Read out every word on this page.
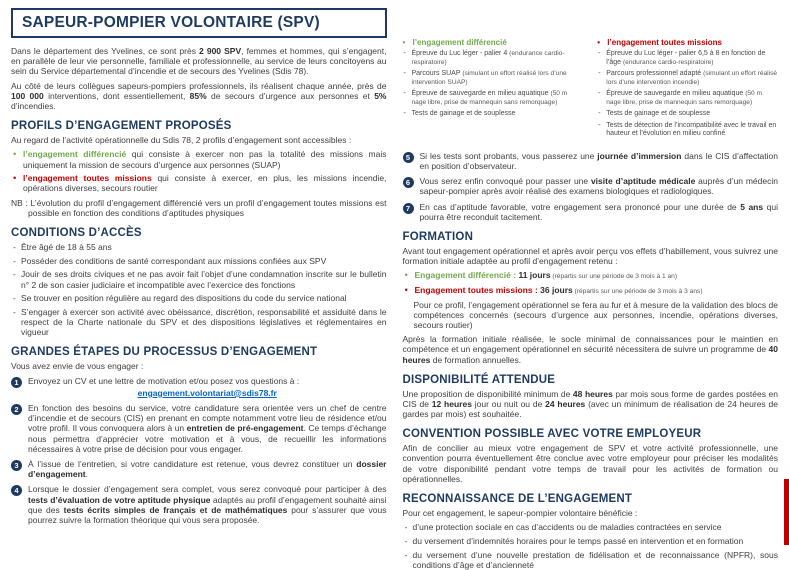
SAPEUR-POMPIER VOLONTAIRE (SPV)

Dans le département des Yvelines, ce sont près 2 900 SPV, femmes et hommes, qui s’engagent, en parallèle de leur vie personnelle, familiale et professionnelle, au service de leurs concitoyens au sein du Service départemental d’incendie et de secours des Yvelines (Sdis 78).

Au côté de leurs collègues sapeurs-pompiers professionnels, ils réalisent chaque année, près de 100 000 interventions, dont essentiellement, 85% de secours d’urgence aux personnes et 5% d’incendies.

PROFILS D’ENGAGEMENT PROPOSÉS

Au regard de l’activité opérationnelle du Sdis 78, 2 profils d’engagement sont accessibles :

• l’engagement différencié qui consiste à exercer non pas la totalité des missions mais uniquement la mission de secours d’urgence aux personnes (SUAP)
• l’engagement toutes missions qui consiste à exercer, en plus, les missions incendie, opérations diverses, secours routier

NB : L’évolution du profil d’engagement différencié vers un profil d’engagement toutes missions est possible en fonction des conditions d’aptitudes physiques

CONDITIONS D’ACCÈS
- Être âgé de 18 à 55 ans
- Posséder des conditions de santé correspondant aux missions confiées aux SPV
- Jouir de ses droits civiques et ne pas avoir fait l’objet d’une condamnation inscrite sur le bulletin n° 2 de son casier judiciaire et incompatible avec l’exercice des fonctions
- Se trouver en position régulière au regard des dispositions du code du service national
- S’engager à exercer son activité avec obéissance, discrétion, responsabilité et assiduité dans le respect de la Charte nationale du SPV et des dispositions législatives et réglementaires en vigueur
GRANDES ÉTAPES DU PROCESSUS D’ENGAGEMENT

Vous avez envie de vous engager :

1	Envoyez un CV et une lettre de motivation et/ou posez vos questions à :
engagement.volontariat@sdis78.fr
2	En fonction des besoins du service, votre candidature sera orientée vers un chef de centre d’incendie et de secours (CIS) en prenant en compte notamment votre lieu de résidence et/ou votre profil. Il vous convoquera alors à un entretien de pré-engagement. Ce temps d’échange nous permettra d’apprécier votre motivation et à vous, de recueillir les informations nécessaires à votre prise de décision pour vous engager.
3	À l’issue de l’entretien, si votre candidature est retenue, vous devrez constituer un dossier d’engagement.
4	Lorsque le dossier d’engagement sera complet, vous serez convoqué pour participer à des tests d’évaluation de votre aptitude physique adaptés au profil d’engagement souhaité ainsi que des tests écrits simples de français et de mathématiques pour s’assurer que vous pourrez suivre la formation théorique qui vous sera proposée.
• l’engagement différencié
- Épreuve du Luc léger - palier 4 (endurance cardio-respiratoire)
- Parcours SUAP (simulant un effort réalisé lors d’une intervention SUAP)
- Épreuve de sauvegarde en milieu aquatique (50 m nage libre, prise de mannequin sans remorquage)
- Tests de gainage et de souplesse
• l’engagement toutes missions
- Épreuve du Luc léger - palier 6,5 à 8 en fonction de l’âge (endurance cardio-respiratoire)
- Parcours professionnel adapté (simulant un effort réalisé lors d’une intervention incendie)
- Épreuve de sauvegarde en milieu aquatique (50 m nage libre, prise de mannequin sans remorquage)
- Tests de gainage et de souplesse
- Tests de détection de l’incompatibilité avec le travail en hauteur et l’évolution en milieu confiné
5	Si les tests sont probants, vous passerez une journée d’immersion dans le CIS d’affectation en position d’observateur.
6	Vous serez enfin convoqué pour passer une visite d’aptitude médicale auprès d’un médecin sapeur-pompier après avoir réalisé des examens biologiques et radiologiques.
7	En cas d’aptitude favorable, votre engagement sera prononcé pour une durée de 5 ans qui pourra être reconduit tacitement.
FORMATION

Avant tout engagement opérationnel et après avoir perçu vos effets d’habillement, vous suivrez une formation initiale adaptée au profil d’engagement retenu :

• Engagement différencié : 11 jours (répartis sur une période de 3 mois à 1 an)
• Engagement toutes missions : 36 jours (répartis sur une période de 3 mois à 3 ans)

Pour ce profil, l’engagement opérationnel se fera au fur et à mesure de la validation des blocs de compétences concernés (secours d’urgence aux personnes, incendie, opérations diverses, secours routier)

Après la formation initiale réalisée, le socle minimal de connaissances pour le maintien en compétence et un engagement opérationnel en sécurité nécessitera de suivre un programme de 40 heures de formation annuelles.

DISPONIBILITÉ ATTENDUE

Une proposition de disponibilité minimum de 48 heures par mois sous forme de gardes postées en CIS de 12 heures jour ou nuit ou de 24 heures (avec un minimum de réalisation de 24 heures de gardes par mois) est souhaitée.

CONVENTION POSSIBLE AVEC VOTRE EMPLOYEUR

Afin de concilier au mieux votre engagement de SPV et votre activité professionnelle, une convention pourra éventuellement être conclue avec votre employeur pour préciser les modalités de votre disponibilité pendant votre temps de travail pour les activités de formation ou opérationnelles.

RECONNAISSANCE DE L’ENGAGEMENT

Pour cet engagement, le sapeur-pompier volontaire bénéficie :

- d’une protection sociale en cas d’accidents ou de maladies contractées en service
- du versement d’indemnités horaires pour le temps passé en intervention et en formation
- du versement d’une nouvelle prestation de fidélisation et de reconnaissance (NPFR), sous conditions d’âge et d’ancienneté
